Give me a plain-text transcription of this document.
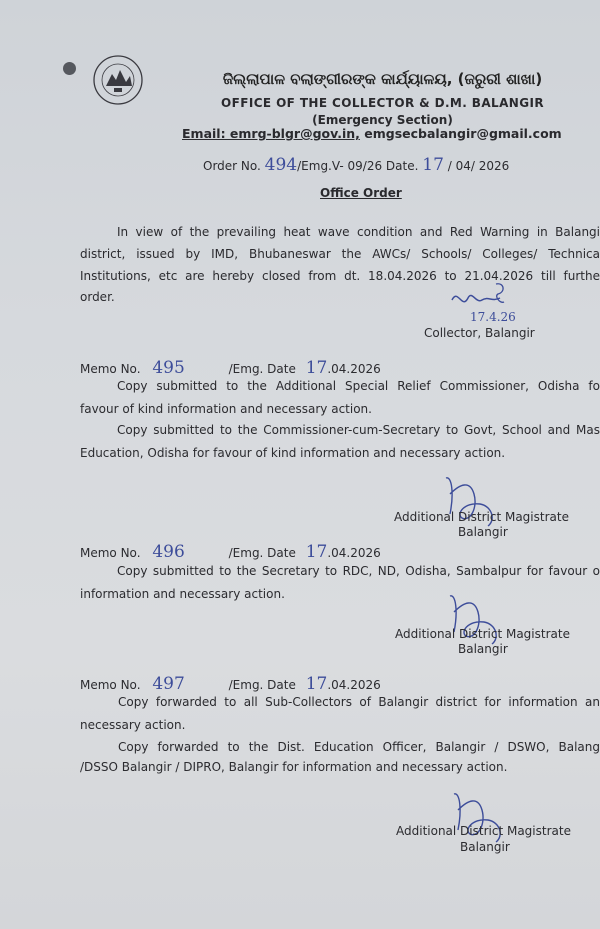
ଜିଲ୍ଲାପାଳ ବଲାଙ୍ଗୀରଙ୍କ କାର୍ଯ୍ୟାଳୟ, (ଜରୁରୀ ଶାଖା)
OFFICE OF THE COLLECTOR & D.M. BALANGIR
(Emergency Section)
Email: emrg-blgr@gov.in, emgsecbalangir@gmail.com
Order No. 494/Emg.V- 09/26 Date. 17 / 04/ 2026
Office Order
In view of the prevailing heat wave condition and Red Warning in Balangi
district, issued by IMD, Bhubaneswar the AWCs/ Schools/ Colleges/ Technica
Institutions, etc are hereby closed from dt. 18.04.2026 to 21.04.2026 till furthe
order.
17.4.26
Collector, Balangir
Memo No. 495	/Emg. Date 17.04.2026
Copy submitted to the Additional Special Relief Commissioner, Odisha fo
favour of kind information and necessary action.
Copy submitted to the Commissioner-cum-Secretary to Govt, School and Mas
Education, Odisha for favour of kind information and necessary action.
Additional District Magistrate
Balangir
Memo No. 496	/Emg. Date 17.04.2026
Copy submitted to the Secretary to RDC, ND, Odisha, Sambalpur for favour o
information and necessary action.
Additional District Magistrate
Balangir
Memo No. 497	/Emg. Date 17.04.2026
Copy forwarded to all Sub-Collectors of Balangir district for information an
necessary action.
Copy forwarded to the Dist. Education Officer, Balangir / DSWO, Balang
/DSSO Balangir / DIPRO, Balangir for information and necessary action.
Additional District Magistrate
Balangir
